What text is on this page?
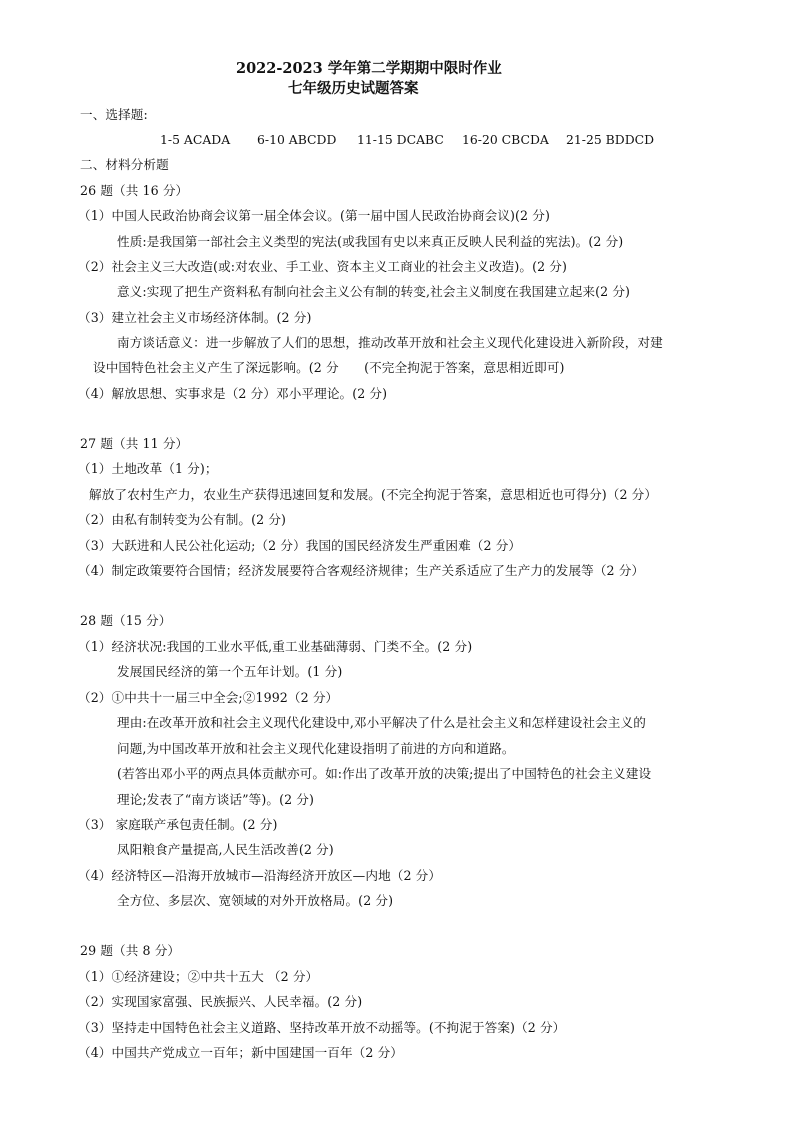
2022-2023 学年第二学期期中限时作业
七年级历史试题答案
一、选择题:
1-5 ACADA 6-10 ABCDD 11-15 DCABC 16-20 CBCDA 21-25 BDDCD
二、材料分析题
26 题（共 16 分）
（1）中国人民政治协商会议第一届全体会议。(第一届中国人民政治协商会议)(2 分)
性质:是我国第一部社会主义类型的宪法(或我国有史以来真正反映人民利益的宪法)。(2 分)
（2）社会主义三大改造(或:对农业、手工业、资本主义工商业的社会主义改造)。(2 分)
意义:实现了把生产资料私有制向社会主义公有制的转变,社会主义制度在我国建立起来(2 分)
（3）建立社会主义市场经济体制。(2 分)
南方谈话意义：进一步解放了人们的思想，推动改革开放和社会主义现代化建设进入新阶段，对建
设中国特色社会主义产生了深远影响。(2 分　　(不完全拘泥于答案，意思相近即可)
（4）解放思想、实事求是（2 分）邓小平理论。(2 分)
27 题（共 11 分）
（1）土地改革（1 分)；
解放了农村生产力，农业生产获得迅速回复和发展。(不完全拘泥于答案，意思相近也可得分)（2 分）
（2）由私有制转变为公有制。(2 分)
（3）大跃进和人民公社化运动;（2 分）我国的国民经济发生严重困难（2 分）
（4）制定政策要符合国情；经济发展要符合客观经济规律；生产关系适应了生产力的发展等（2 分）
28 题（15 分）
（1）经济状况:我国的工业水平低,重工业基础薄弱、门类不全。(2 分)
发展国民经济的第一个五年计划。(1 分)
（2）①中共十一届三中全会;②1992（2 分）
理由:在改革开放和社会主义现代化建设中,邓小平解决了什么是社会主义和怎样建设社会主义的
问题,为中国改革开放和社会主义现代化建设指明了前进的方向和道路。
(若答出邓小平的两点具体贡献亦可。如:作出了改革开放的决策;提出了中国特色的社会主义建设
理论;发表了“南方谈话”等)。(2 分)
（3） 家庭联产承包责任制。(2 分)
凤阳粮食产量提高,人民生活改善(2 分)
（4）经济特区—沿海开放城市—沿海经济开放区—内地（2 分）
全方位、多层次、宽领域的对外开放格局。(2 分)
29 题（共 8 分）
（1）①经济建设；②中共十五大 （2 分）
（2）实现国家富强、民族振兴、人民幸福。(2 分)
（3）坚持走中国特色社会主义道路、坚持改革开放不动摇等。(不拘泥于答案)（2 分）
（4）中国共产党成立一百年；新中国建国一百年（2 分）
